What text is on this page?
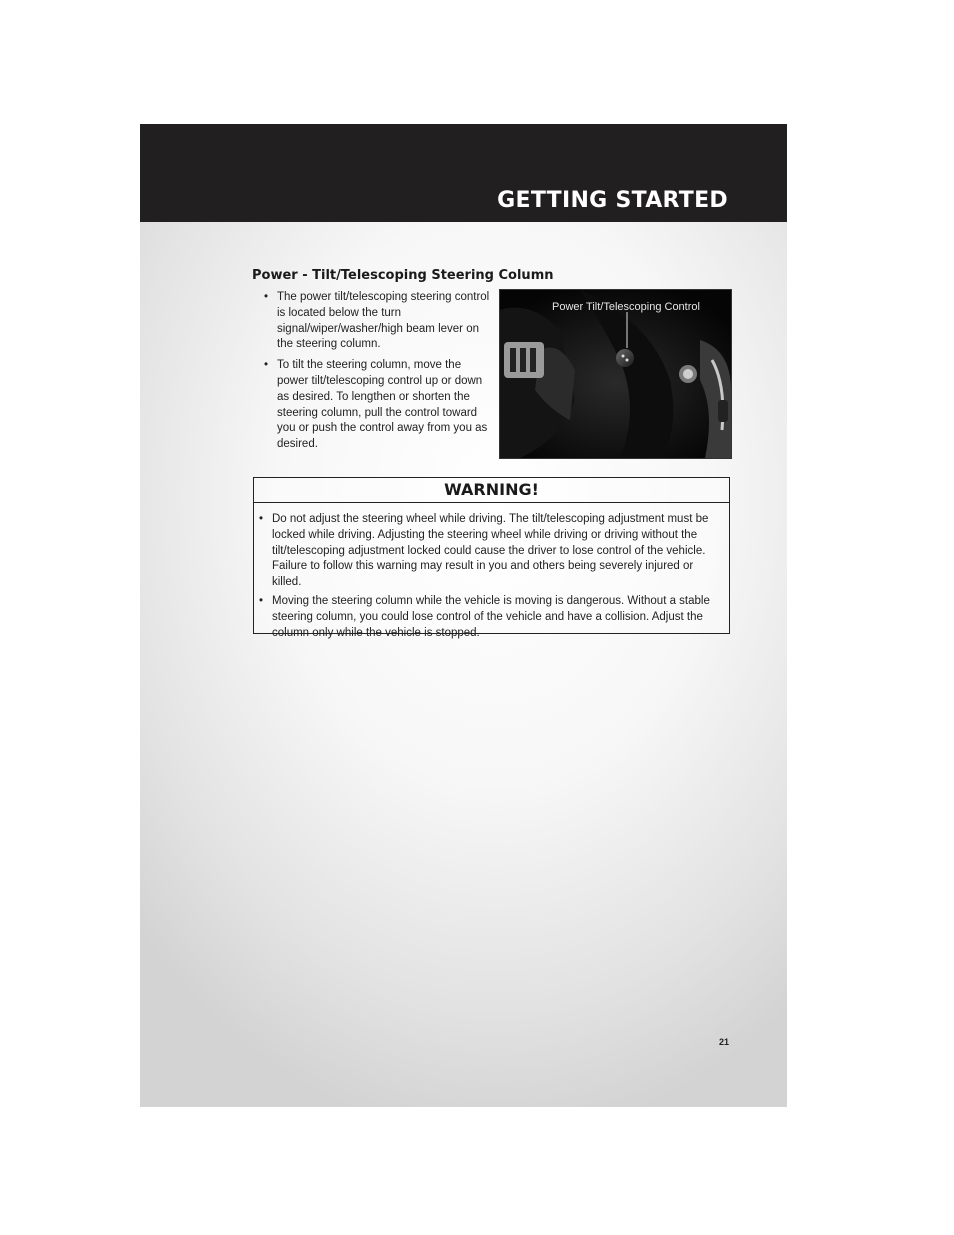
GETTING STARTED
Power - Tilt/Telescoping Steering Column
• The power tilt/telescoping steering control is located below the turn signal/wiper/washer/high beam lever on the steering column.
• To tilt the steering column, move the power tilt/telescoping control up or down as desired. To lengthen or shorten the steering column, pull the control toward you or push the control away from you as desired.
Power Tilt/Telescoping Control
WARNING!
• Do not adjust the steering wheel while driving. The tilt/telescoping adjustment must be locked while driving. Adjusting the steering wheel while driving or driving without the tilt/telescoping adjustment locked could cause the driver to lose control of the vehicle. Failure to follow this warning may result in you and others being severely injured or killed.
• Moving the steering column while the vehicle is moving is dangerous. Without a stable steering column, you could lose control of the vehicle and have a collision. Adjust the column only while the vehicle is stopped.
21
